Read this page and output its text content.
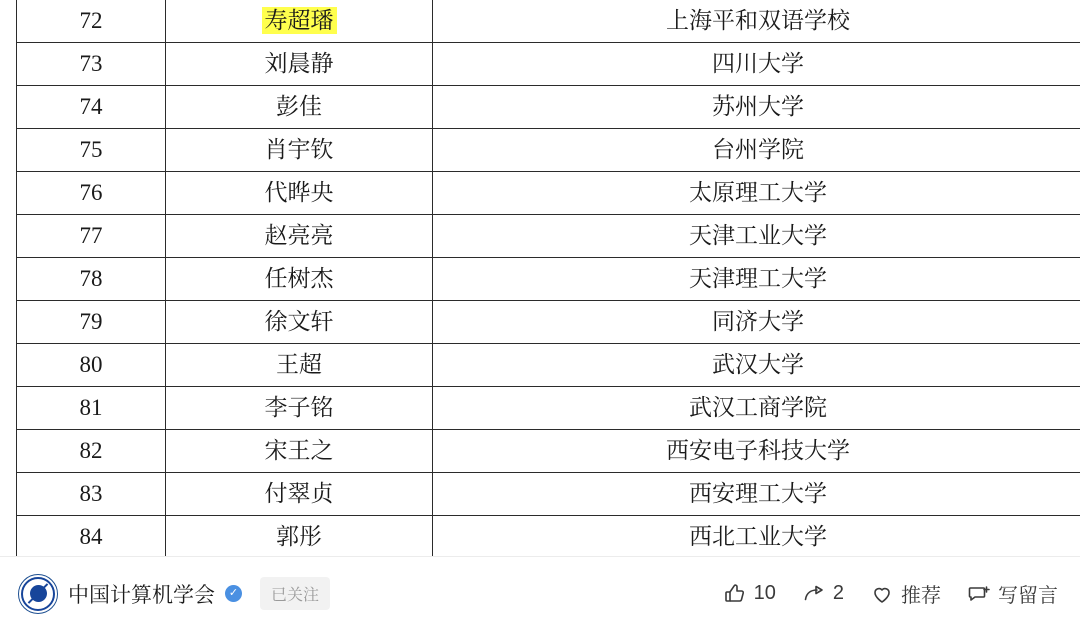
72	寿超璠	上海平和双语学校
73	刘晨静	四川大学
74	彭佳	苏州大学
75	肖宇钦	台州学院
76	代晔央	太原理工大学
77	赵亮亮	天津工业大学
78	任树杰	天津理工大学
79	徐文轩	同济大学
80	王超	武汉大学
81	李子铭	武汉工商学院
82	宋王之	西安电子科技大学
83	付翠贞	西安理工大学
84	郭彤	西北工业大学
中国计算机学会	✓	已关注	10	2	推荐	写留言
